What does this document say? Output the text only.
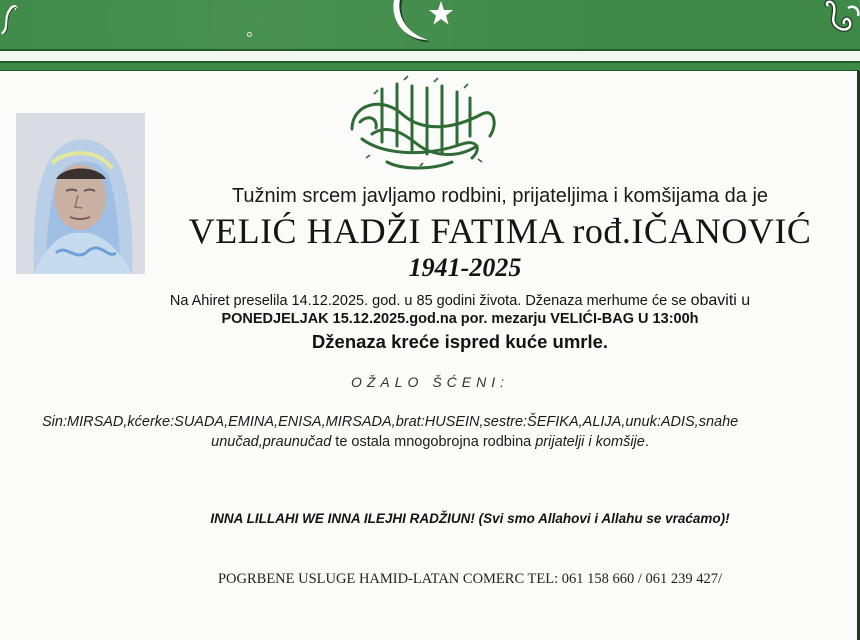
Tužnim srcem javljamo rodbini, prijateljima i komšijama da je
VELIĆ HADŽI FATIMA rođ.IČANOVIĆ
1941-2025
Na Ahiret preselila 14.12.2025. god. u 85 godini života. Dženaza merhume će se obaviti u
PONEDJELJAK 15.12.2025.god.na por. mezarju VELIĆI-BAG U 13:00h
Dženaza kreće ispred kuće umrle.
OŽALO ŠĆENI:
Sin:MIRSAD,kćerke:SUADA,EMINA,ENISA,MIRSADA,brat:HUSEIN,sestre:ŠEFIKA,ALIJA,unuk:ADIS,snahe
unučad,praunučad te ostala mnogobrojna rodbina prijatelji i komšije.
INNA LILLAHI WE INNA ILEJHI RADŽIUN! (Svi smo Allahovi i Allahu se vraćamo)!
POGRBENE USLUGE HAMID-LATAN COMERC TEL: 061 158 660 / 061 239 427/
